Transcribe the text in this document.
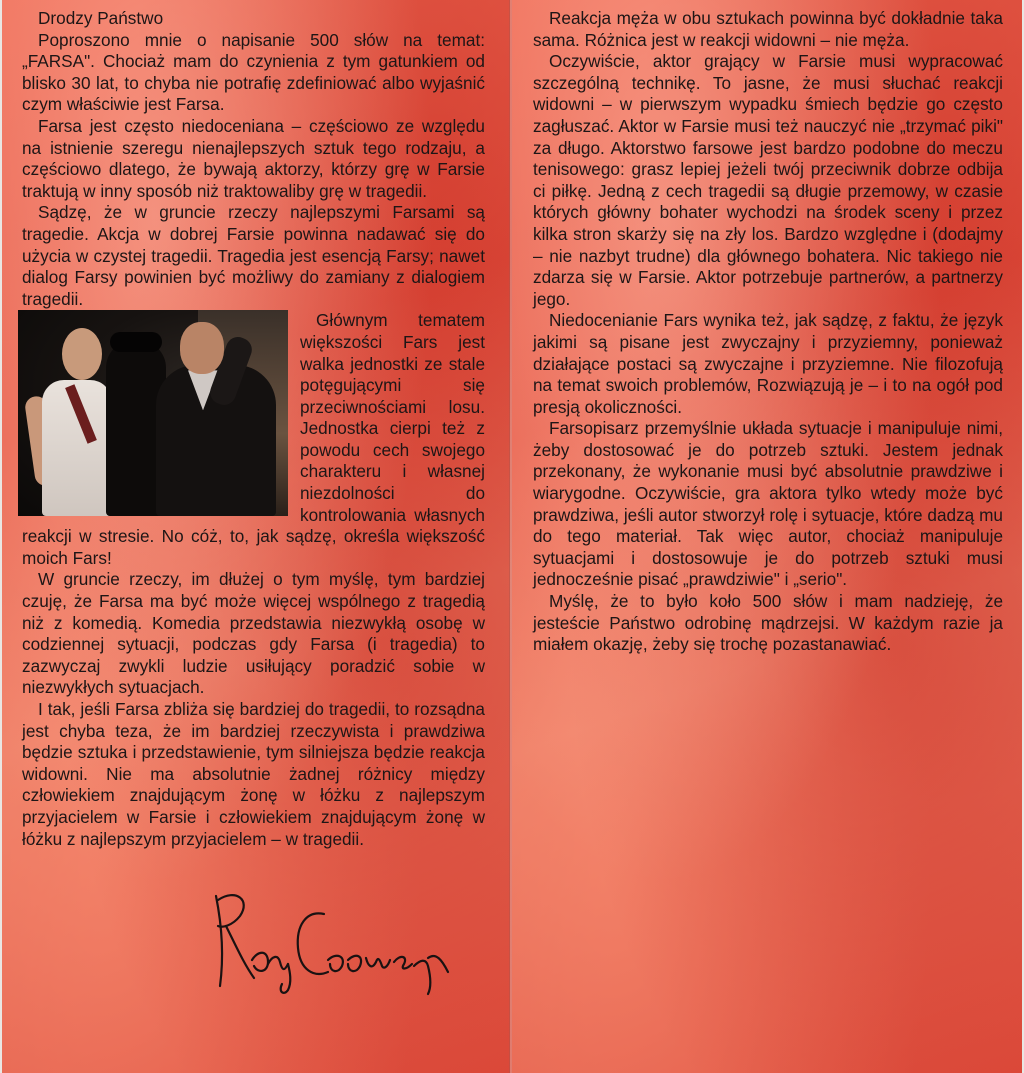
Drodzy Państwo

Poproszono mnie o napisanie 500 słów na temat: „FARSA". Chociaż mam do czynienia z tym gatunkiem od blisko 30 lat, to chyba nie potrafię zdefiniować albo wyjaśnić czym właściwie jest Farsa.

Farsa jest często niedoceniana – częściowo ze względu na istnienie szeregu nienajlepszych sztuk tego rodzaju, a częściowo dlatego, że bywają aktorzy, którzy grę w Farsie traktują w inny sposób niż traktowaliby grę w tragedii.

Sądzę, że w gruncie rzeczy najlepszymi Farsami są tragedie. Akcja w dobrej Farsie powinna nadawać się do użycia w czystej tragedii. Tragedia jest esencją Farsy; nawet dialog Farsy powinien być możliwy do zamiany z dialogiem tragedii.

Głównym tematem większości Fars jest walka jednostki ze stale potęgującymi się przeciwnościami losu. Jednostka cierpi też z powodu cech swojego charakteru i własnej niezdolności do kontrolowania własnych reakcji w stresie. No cóż, to, jak sądzę, określa większość moich Fars!

W gruncie rzeczy, im dłużej o tym myślę, tym bardziej czuję, że Farsa ma być może więcej wspólnego z tragedią niż z komedią. Komedia przedstawia niezwykłą osobę w codziennej sytuacji, podczas gdy Farsa (i tragedia) to zazwyczaj zwykli ludzie usiłujący poradzić sobie w niezwykłych sytuacjach.

I tak, jeśli Farsa zbliża się bardziej do tragedii, to rozsądna jest chyba teza, że im bardziej rzeczywista i prawdziwa będzie sztuka i przedstawienie, tym silniejsza będzie reakcja widowni. Nie ma absolutnie żadnej różnicy między człowiekiem znajdującym żonę w łóżku z najlepszym przyjacielem w Farsie i człowiekiem znajdującym żonę w łóżku z najlepszym przyjacielem – w tragedii.

Reakcja męża w obu sztukach powinna być dokładnie taka sama. Różnica jest w reakcji widowni – nie męża.

Oczywiście, aktor grający w Farsie musi wypracować szczególną technikę. To jasne, że musi słuchać reakcji widowni – w pierwszym wypadku śmiech będzie go często zagłuszać. Aktor w Farsie musi też nauczyć nie „trzymać piki" za długo. Aktorstwo farsowe jest bardzo podobne do meczu tenisowego: grasz lepiej jeżeli twój przeciwnik dobrze odbija ci piłkę. Jedną z cech tragedii są długie przemowy, w czasie których główny bohater wychodzi na środek sceny i przez kilka stron skarży się na zły los. Bardzo względne i (dodajmy – nie nazbyt trudne) dla głównego bohatera. Nic takiego nie zdarza się w Farsie. Aktor potrzebuje partnerów, a partnerzy jego.

Niedocenianie Fars wynika też, jak sądzę, z faktu, że język jakimi są pisane jest zwyczajny i przyziemny, ponieważ działające postaci są zwyczajne i przyziemne. Nie filozofują na temat swoich problemów, Rozwiązują je – i to na ogół pod presją okoliczności.

Farsopisarz przemyślnie układa sytuacje i manipuluje nimi, żeby dostosować je do potrzeb sztuki. Jestem jednak przekonany, że wykonanie musi być absolutnie prawdziwe i wiarygodne. Oczywiście, gra aktora tylko wtedy może być prawdziwa, jeśli autor stworzył rolę i sytuacje, które dadzą mu do tego materiał. Tak więc autor, chociaż manipuluje sytuacjami i dostosowuje je do potrzeb sztuki musi jednocześnie pisać „prawdziwie" i „serio".

Myślę, że to było koło 500 słów i mam nadzieję, że jesteście Państwo odrobinę mądrzejsi. W każdym razie ja miałem okazję, żeby się trochę pozastanawiać.

Ray Cooney
